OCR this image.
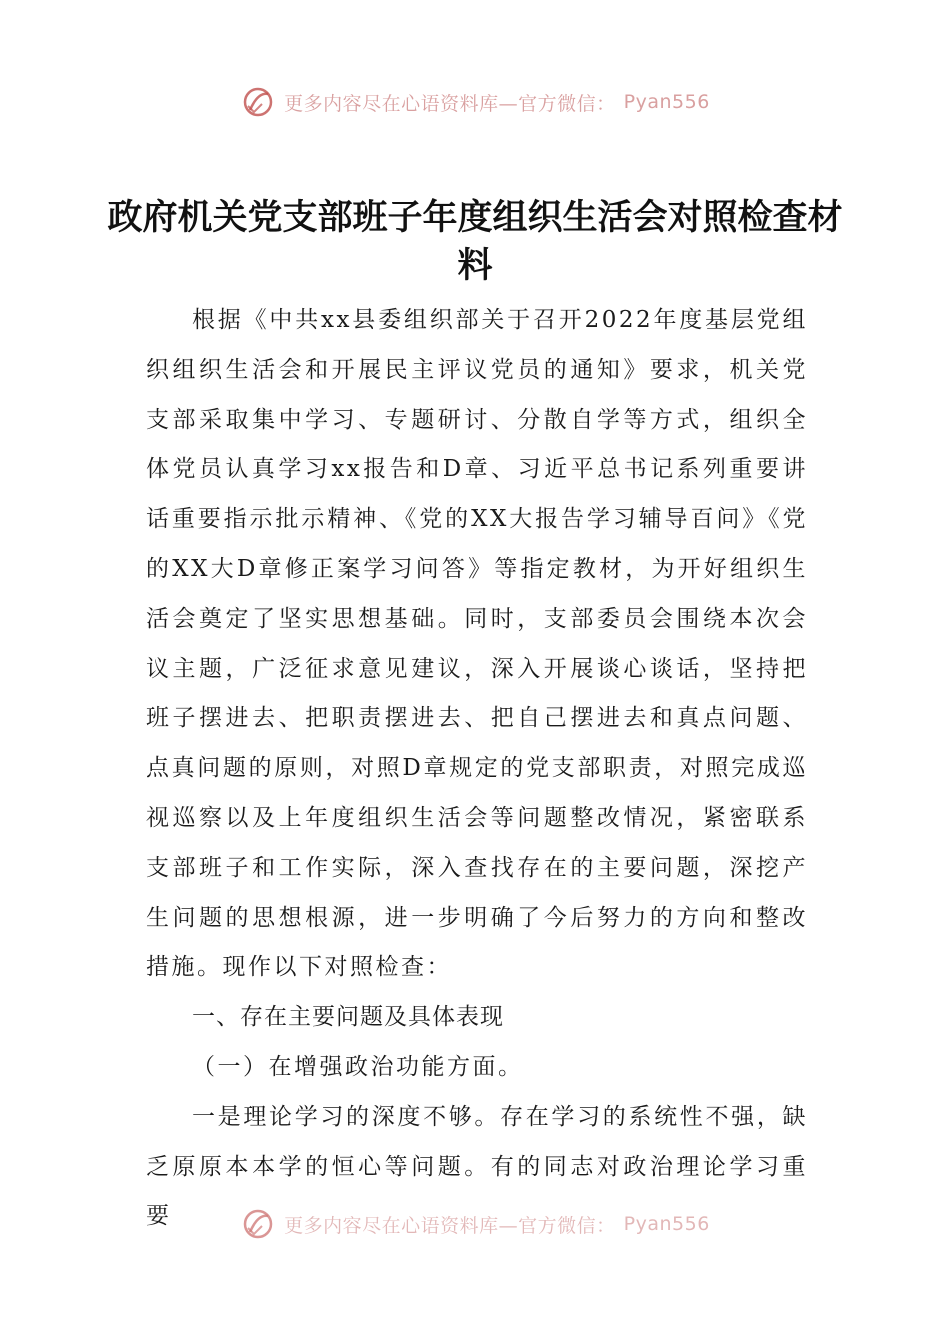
更多内容尽在心语资料库—官方微信： Pyan556
政府机关党支部班子年度组织生活会对照检查材料

根据《中共xx县委组织部关于召开2022年度基层党组织组织生活会和开展民主评议党员的通知》要求，机关党支部采取集中学习、专题研讨、分散自学等方式，组织全体党员认真学习xx报告和D章、习近平总书记系列重要讲话重要指示批示精神、《党的XX大报告学习辅导百问》《党的XX大D章修正案学习问答》等指定教材，为开好组织生活会奠定了坚实思想基础。同时，支部委员会围绕本次会议主题，广泛征求意见建议，深入开展谈心谈话，坚持把班子摆进去、把职责摆进去、把自己摆进去和真点问题、点真问题的原则，对照D章规定的党支部职责，对照完成巡视巡察以及上年度组织生活会等问题整改情况，紧密联系支部班子和工作实际，深入查找存在的主要问题，深挖产生问题的思想根源，进一步明确了今后努力的方向和整改措施。现作以下对照检查：

一、存在主要问题及具体表现

（一）在增强政治功能方面。

一是理论学习的深度不够。存在学习的系统性不强，缺乏原原本本学的恒心等问题。有的同志对政治理论学习重要	更多内容尽在心语资料库—官方微信： Pyan556
